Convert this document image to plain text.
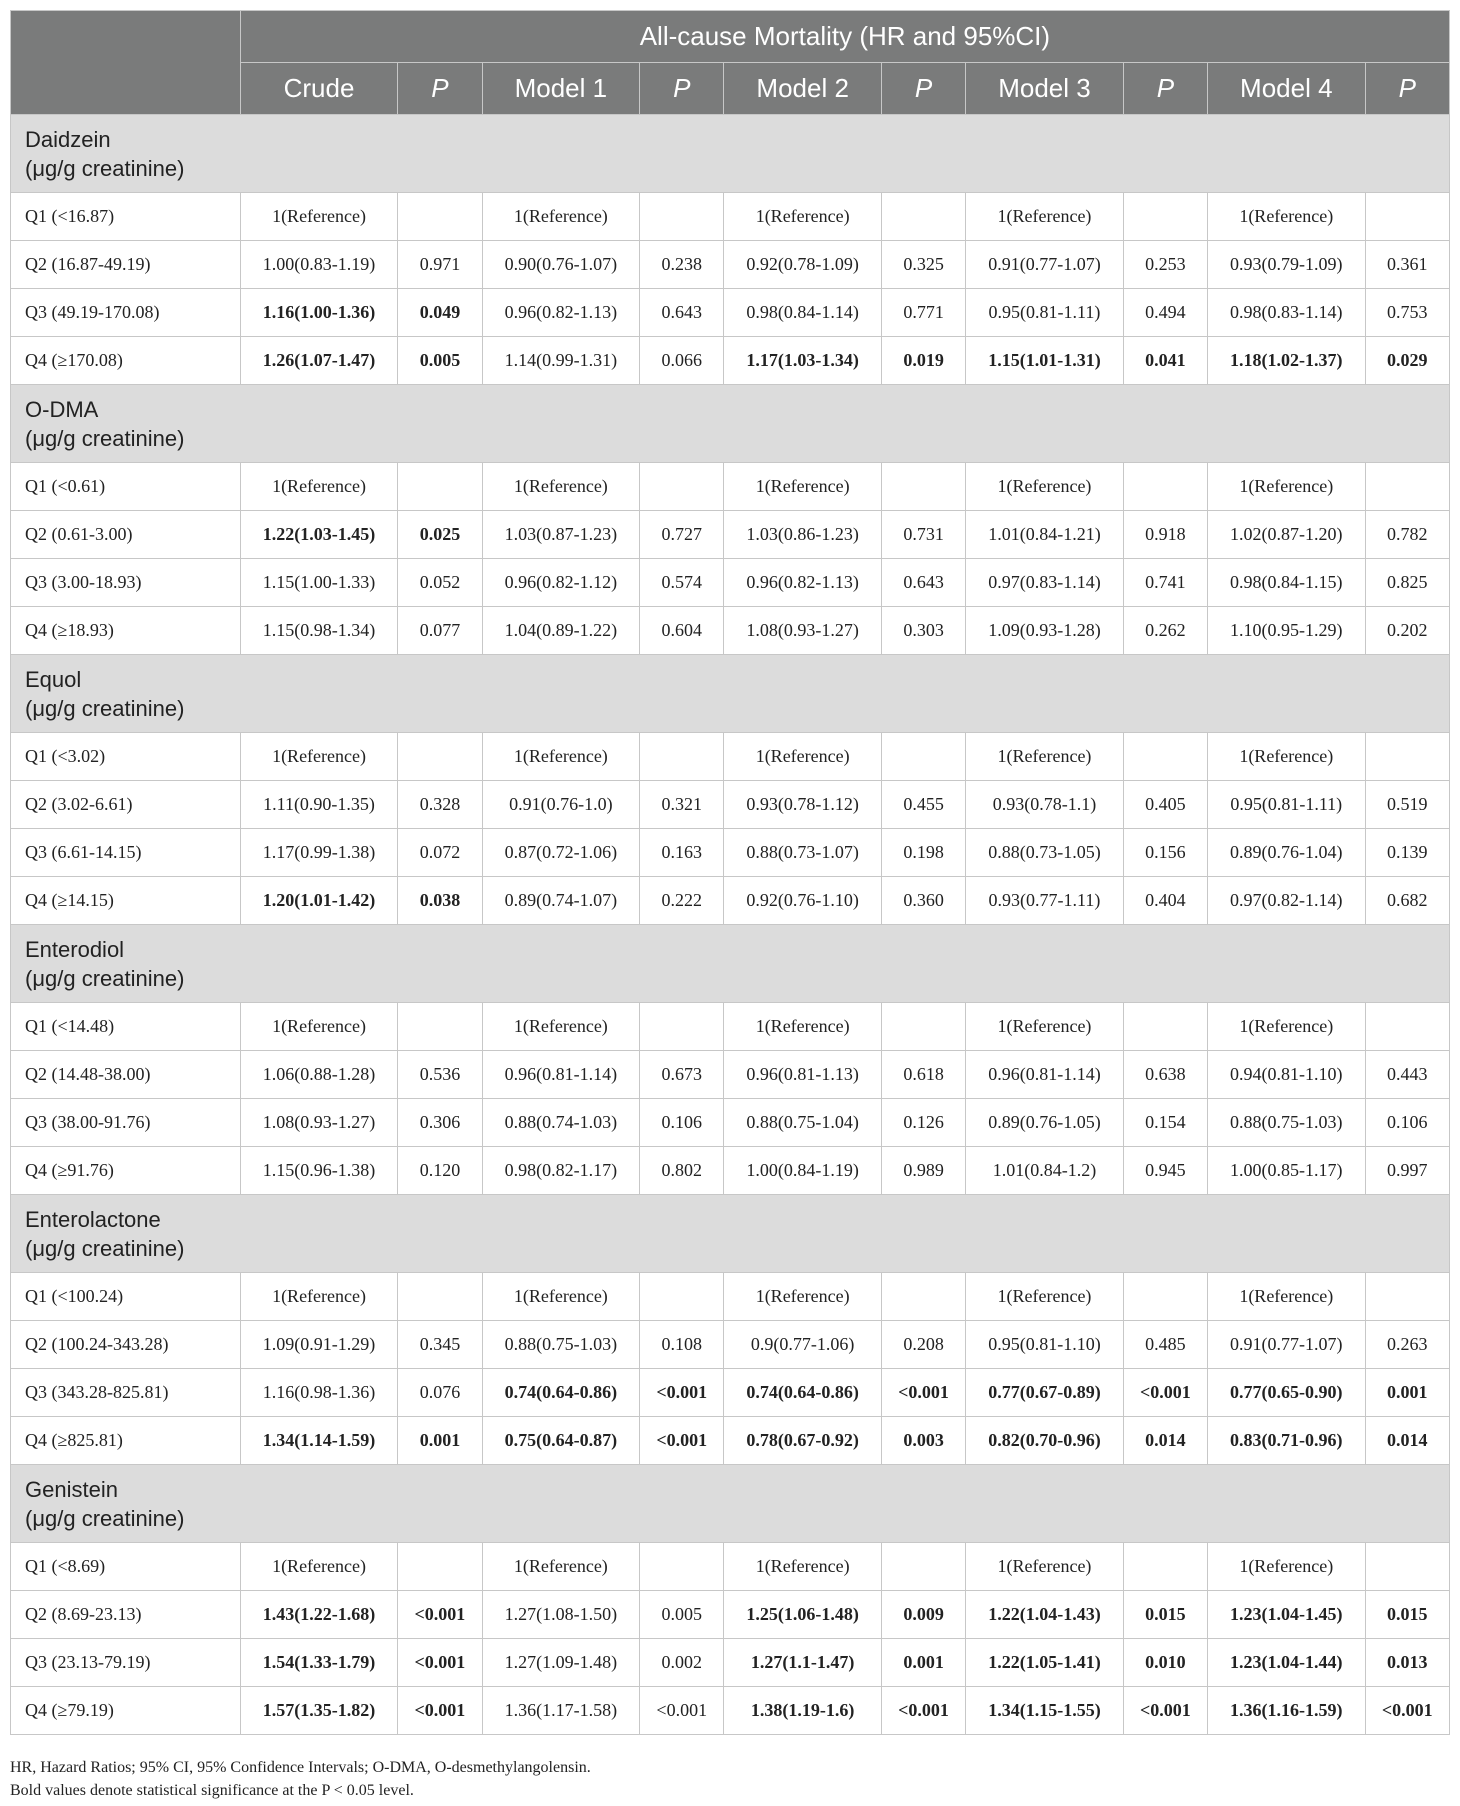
	All-cause Mortality (HR and 95%CI)									
	Crude	P	Model 1	P	Model 2	P	Model 3	P	Model 4	P

Daidzein
(μg/g creatinine)										

Q1 (<16.87)	1(Reference)		1(Reference)		1(Reference)		1(Reference)		1(Reference)	
Q2 (16.87-49.19)	1.00(0.83-1.19)	0.971	0.90(0.76-1.07)	0.238	0.92(0.78-1.09)	0.325	0.91(0.77-1.07)	0.253	0.93(0.79-1.09)	0.361
Q3 (49.19-170.08)	1.16(1.00-1.36)	0.049	0.96(0.82-1.13)	0.643	0.98(0.84-1.14)	0.771	0.95(0.81-1.11)	0.494	0.98(0.83-1.14)	0.753
Q4 (≥170.08)	1.26(1.07-1.47)	0.005	1.14(0.99-1.31)	0.066	1.17(1.03-1.34)	0.019	1.15(1.01-1.31)	0.041	1.18(1.02-1.37)	0.029

O-DMA
(μg/g creatinine)										

Q1 (<0.61)	1(Reference)		1(Reference)		1(Reference)		1(Reference)		1(Reference)	
Q2 (0.61-3.00)	1.22(1.03-1.45)	0.025	1.03(0.87-1.23)	0.727	1.03(0.86-1.23)	0.731	1.01(0.84-1.21)	0.918	1.02(0.87-1.20)	0.782
Q3 (3.00-18.93)	1.15(1.00-1.33)	0.052	0.96(0.82-1.12)	0.574	0.96(0.82-1.13)	0.643	0.97(0.83-1.14)	0.741	0.98(0.84-1.15)	0.825
Q4 (≥18.93)	1.15(0.98-1.34)	0.077	1.04(0.89-1.22)	0.604	1.08(0.93-1.27)	0.303	1.09(0.93-1.28)	0.262	1.10(0.95-1.29)	0.202

Equol
(μg/g creatinine)										

Q1 (<3.02)	1(Reference)		1(Reference)		1(Reference)		1(Reference)		1(Reference)	
Q2 (3.02-6.61)	1.11(0.90-1.35)	0.328	0.91(0.76-1.0)	0.321	0.93(0.78-1.12)	0.455	0.93(0.78-1.1)	0.405	0.95(0.81-1.11)	0.519
Q3 (6.61-14.15)	1.17(0.99-1.38)	0.072	0.87(0.72-1.06)	0.163	0.88(0.73-1.07)	0.198	0.88(0.73-1.05)	0.156	0.89(0.76-1.04)	0.139
Q4 (≥14.15)	1.20(1.01-1.42)	0.038	0.89(0.74-1.07)	0.222	0.92(0.76-1.10)	0.360	0.93(0.77-1.11)	0.404	0.97(0.82-1.14)	0.682

Enterodiol
(μg/g creatinine)										

Q1 (<14.48)	1(Reference)		1(Reference)		1(Reference)		1(Reference)		1(Reference)	
Q2 (14.48-38.00)	1.06(0.88-1.28)	0.536	0.96(0.81-1.14)	0.673	0.96(0.81-1.13)	0.618	0.96(0.81-1.14)	0.638	0.94(0.81-1.10)	0.443
Q3 (38.00-91.76)	1.08(0.93-1.27)	0.306	0.88(0.74-1.03)	0.106	0.88(0.75-1.04)	0.126	0.89(0.76-1.05)	0.154	0.88(0.75-1.03)	0.106
Q4 (≥91.76)	1.15(0.96-1.38)	0.120	0.98(0.82-1.17)	0.802	1.00(0.84-1.19)	0.989	1.01(0.84-1.2)	0.945	1.00(0.85-1.17)	0.997

Enterolactone
(μg/g creatinine)										

Q1 (<100.24)	1(Reference)		1(Reference)		1(Reference)		1(Reference)		1(Reference)	
Q2 (100.24-343.28)	1.09(0.91-1.29)	0.345	0.88(0.75-1.03)	0.108	0.9(0.77-1.06)	0.208	0.95(0.81-1.10)	0.485	0.91(0.77-1.07)	0.263
Q3 (343.28-825.81)	1.16(0.98-1.36)	0.076	0.74(0.64-0.86)	<0.001	0.74(0.64-0.86)	<0.001	0.77(0.67-0.89)	<0.001	0.77(0.65-0.90)	0.001
Q4 (≥825.81)	1.34(1.14-1.59)	0.001	0.75(0.64-0.87)	<0.001	0.78(0.67-0.92)	0.003	0.82(0.70-0.96)	0.014	0.83(0.71-0.96)	0.014

Genistein
(μg/g creatinine)										

Q1 (<8.69)	1(Reference)		1(Reference)		1(Reference)		1(Reference)		1(Reference)	
Q2 (8.69-23.13)	1.43(1.22-1.68)	<0.001	1.27(1.08-1.50)	0.005	1.25(1.06-1.48)	0.009	1.22(1.04-1.43)	0.015	1.23(1.04-1.45)	0.015
Q3 (23.13-79.19)	1.54(1.33-1.79)	<0.001	1.27(1.09-1.48)	0.002	1.27(1.1-1.47)	0.001	1.22(1.05-1.41)	0.010	1.23(1.04-1.44)	0.013
Q4 (≥79.19)	1.57(1.35-1.82)	<0.001	1.36(1.17-1.58)	<0.001	1.38(1.19-1.6)	<0.001	1.34(1.15-1.55)	<0.001	1.36(1.16-1.59)	<0.001
HR, Hazard Ratios; 95% CI, 95% Confidence Intervals; O-DMA, O-desmethylangolensin.
Bold values denote statistical significance at the P < 0.05 level.
